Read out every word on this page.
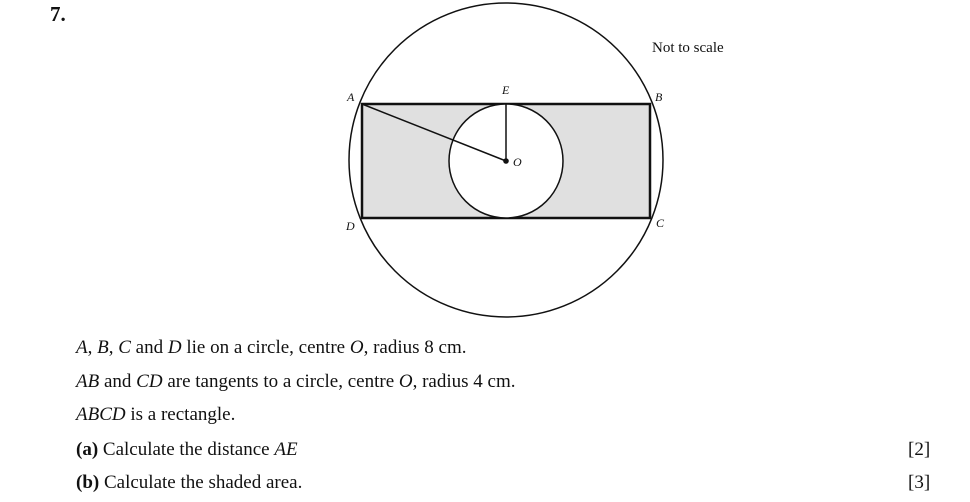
7.
Not to scale
A	B
C
D
E
O
A, B, C and D lie on a circle, centre O, radius 8 cm.
AB and CD are tangents to a circle, centre O, radius 4 cm.
ABCD is a rectangle.
(a) Calculate the distance AE	[2]
(b) Calculate the shaded area.	[3]
